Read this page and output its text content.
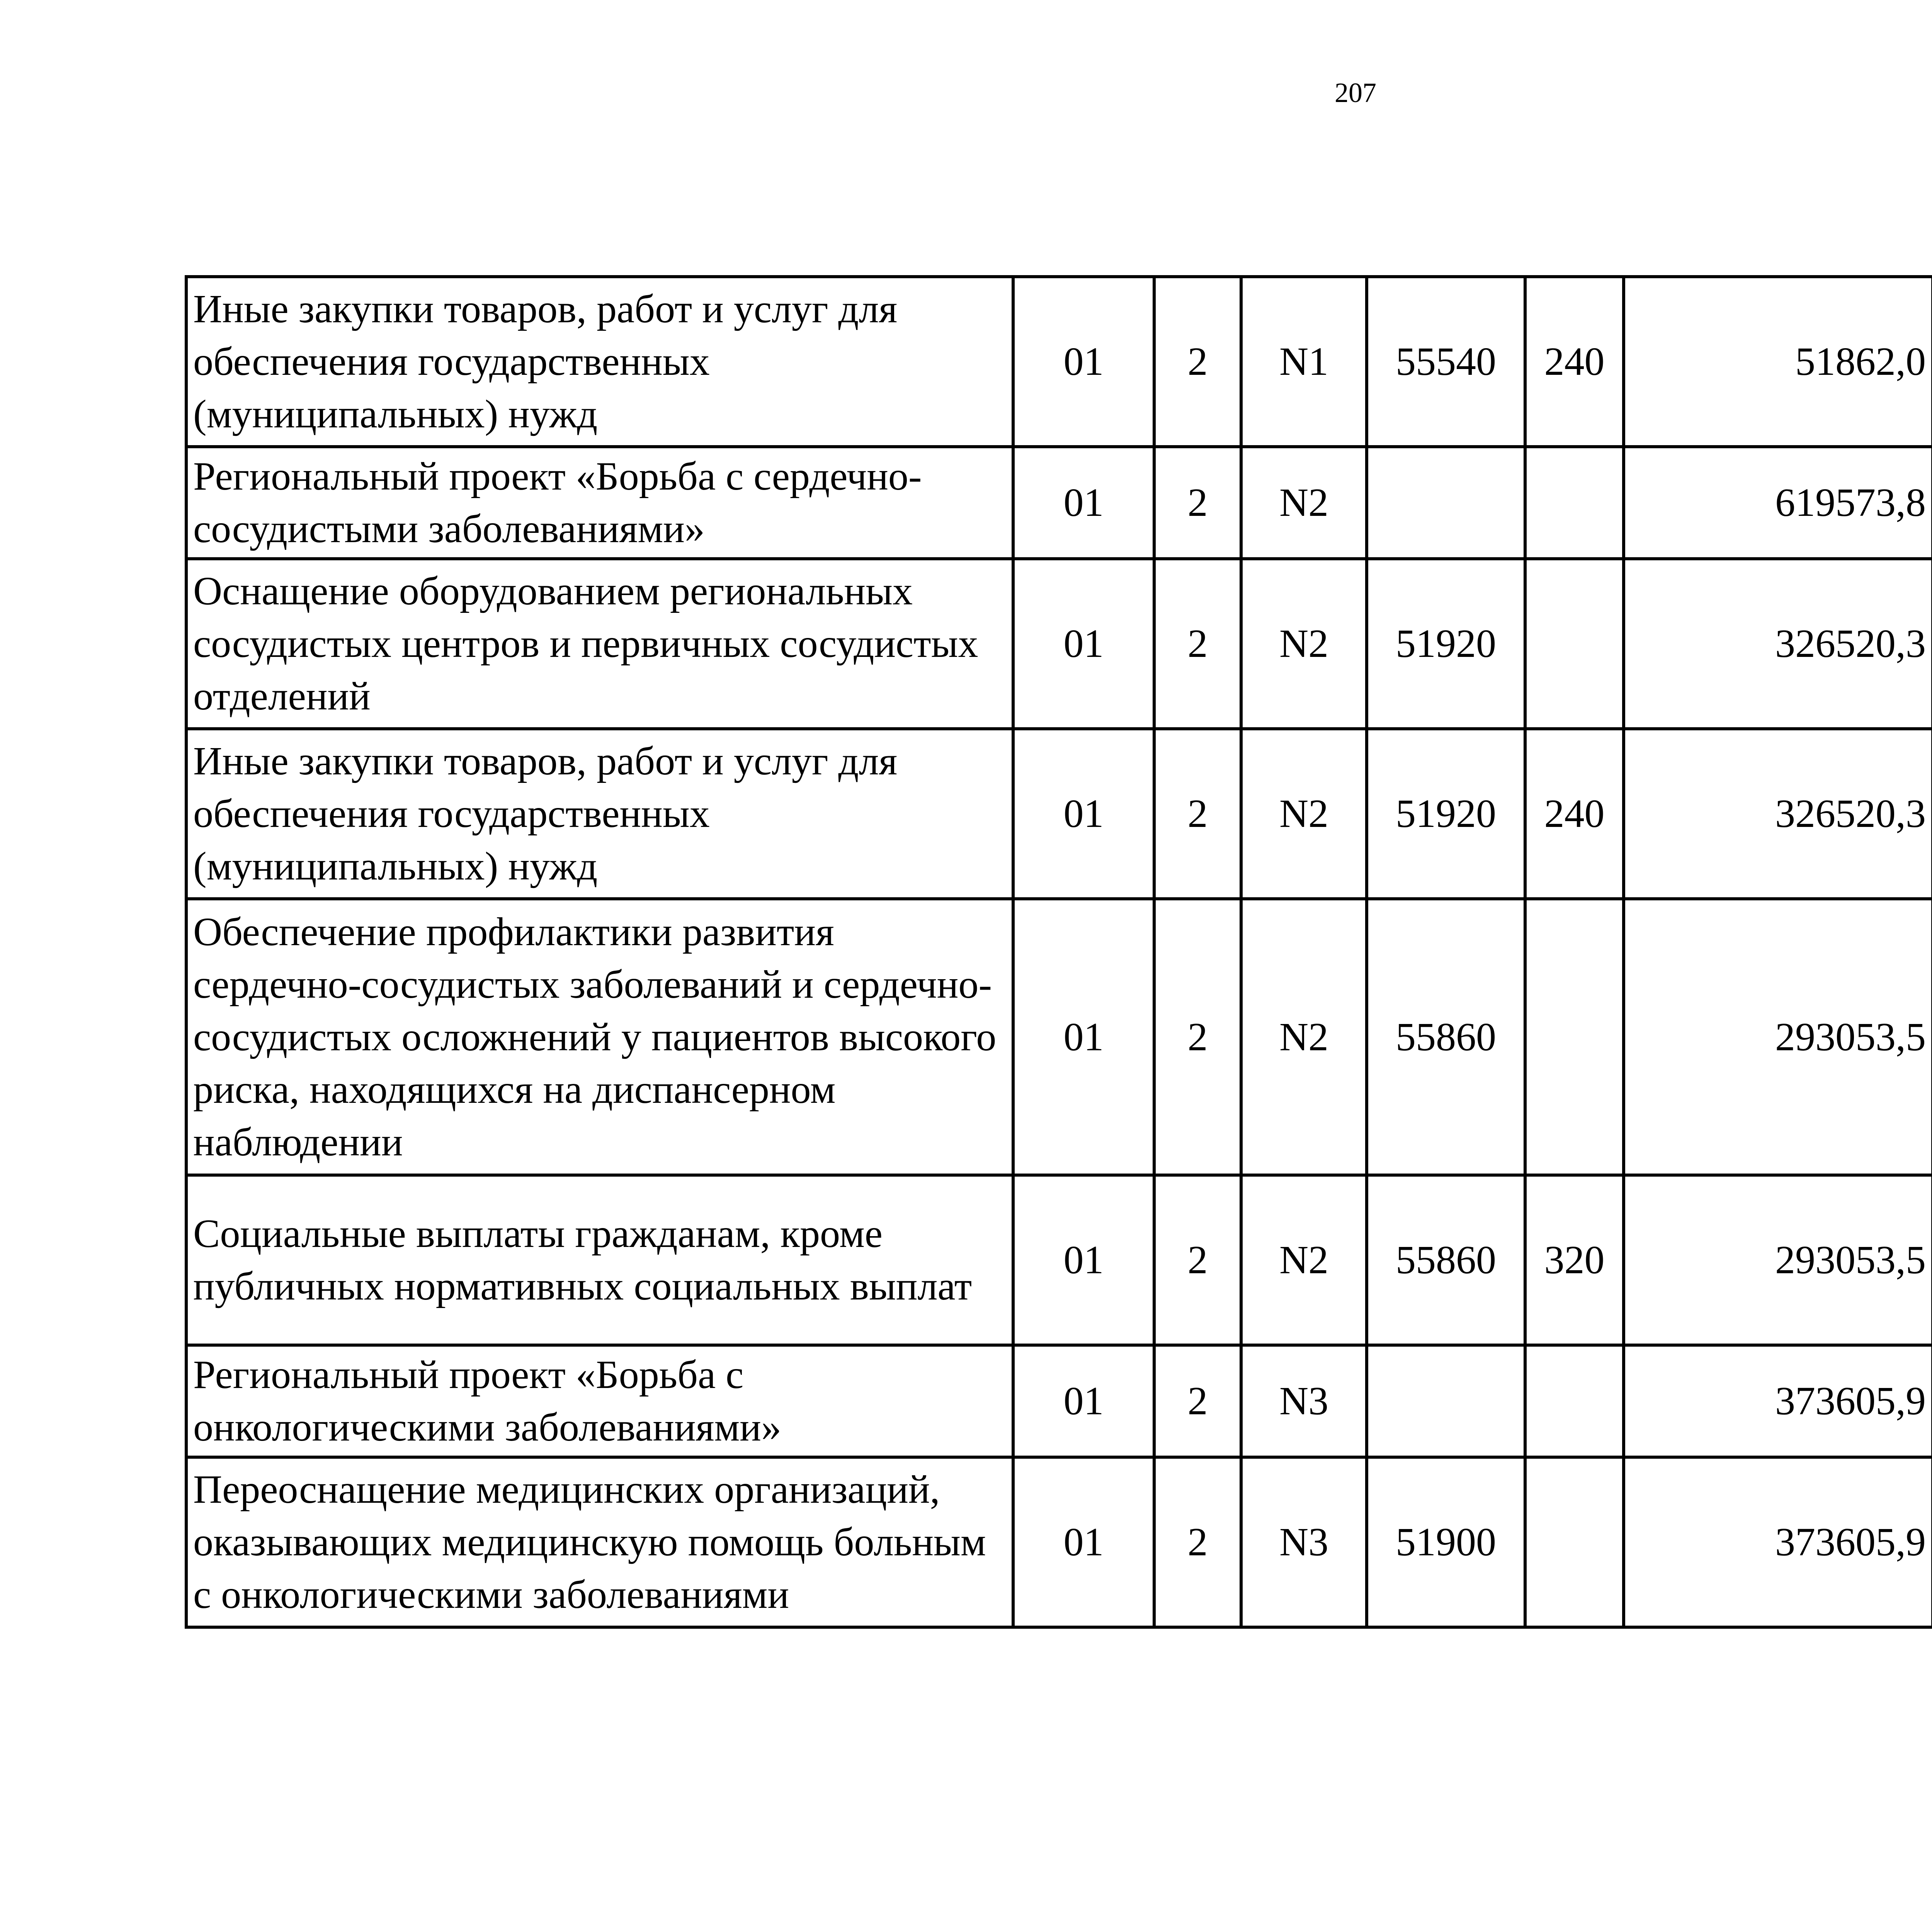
207
Иные закупки товаров, работ и услуг для обеспечения государственных (муниципальных) нужд	01	2	N1	55540	240	51862,0		
Региональный проект «Борьба с сердечно-сосудистыми заболеваниями»	01	2	N2			619573,8		
Оснащение оборудованием региональных сосудистых центров и первичных сосудистых отделений	01	2	N2	51920		326520,3		
Иные закупки товаров, работ и услуг для обеспечения государственных (муниципальных) нужд	01	2	N2	51920	240	326520,3		
Обеспечение профилактики развития сердечно-сосудистых заболеваний и сердечно-сосудистых осложнений у пациентов высокого риска, находящихся на диспансерном наблюдении	01	2	N2	55860		293053,5		
Социальные выплаты гражданам, кроме публичных нормативных социальных выплат	01	2	N2	55860	320	293053,5		
Региональный проект «Борьба с онкологическими заболеваниями»	01	2	N3			373605,9		
Переоснащение медицинских организаций, оказывающих медицинскую помощь больным с онкологическими заболеваниями	01	2	N3	51900		373605,9		
